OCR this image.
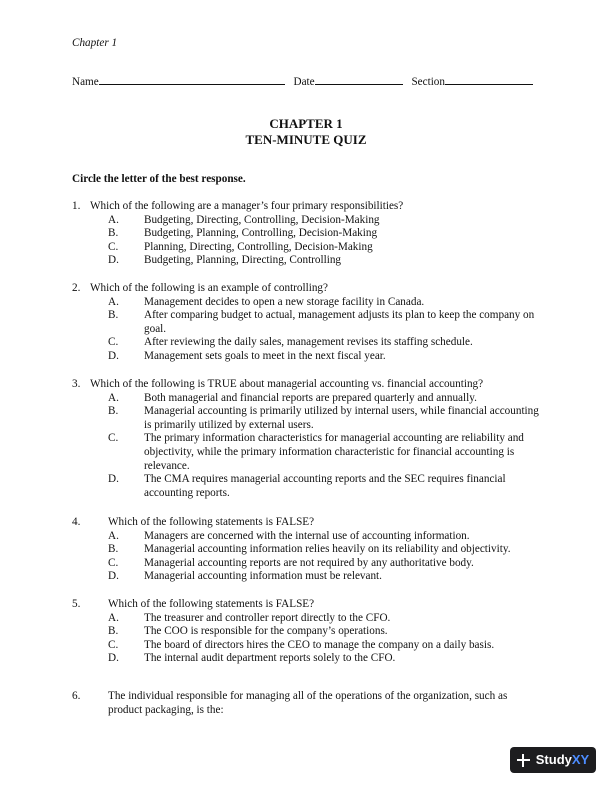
Chapter 1
Name	Date	Section
CHAPTER 1
TEN-MINUTE QUIZ
Circle the letter of the best response.
1. Which of the following are a manager’s four primary responsibilities?
A. Budgeting, Directing, Controlling, Decision-Making
B. Budgeting, Planning, Controlling, Decision-Making
C. Planning, Directing, Controlling, Decision-Making
D. Budgeting, Planning, Directing, Controlling
2. Which of the following is an example of controlling?
A. Management decides to open a new storage facility in Canada.
B. After comparing budget to actual, management adjusts its plan to keep the company on goal.
C. After reviewing the daily sales, management revises its staffing schedule.
D. Management sets goals to meet in the next fiscal year.
3. Which of the following is TRUE about managerial accounting vs. financial accounting?
A. Both managerial and financial reports are prepared quarterly and annually.
B. Managerial accounting is primarily utilized by internal users, while financial accounting is primarily utilized by external users.
C. The primary information characteristics for managerial accounting are reliability and objectivity, while the primary information characteristic for financial accounting is relevance.
D. The CMA requires managerial accounting reports and the SEC requires financial accounting reports.
4. Which of the following statements is FALSE?
A. Managers are concerned with the internal use of accounting information.
B. Managerial accounting information relies heavily on its reliability and objectivity.
C. Managerial accounting reports are not required by any authoritative body.
D. Managerial accounting information must be relevant.
5. Which of the following statements is FALSE?
A. The treasurer and controller report directly to the CFO.
B. The COO is responsible for the company’s operations.
C. The board of directors hires the CEO to manage the company on a daily basis.
D. The internal audit department reports solely to the CFO.
6. The individual responsible for managing all of the operations of the organization, such as product packaging, is the:
Study XY
